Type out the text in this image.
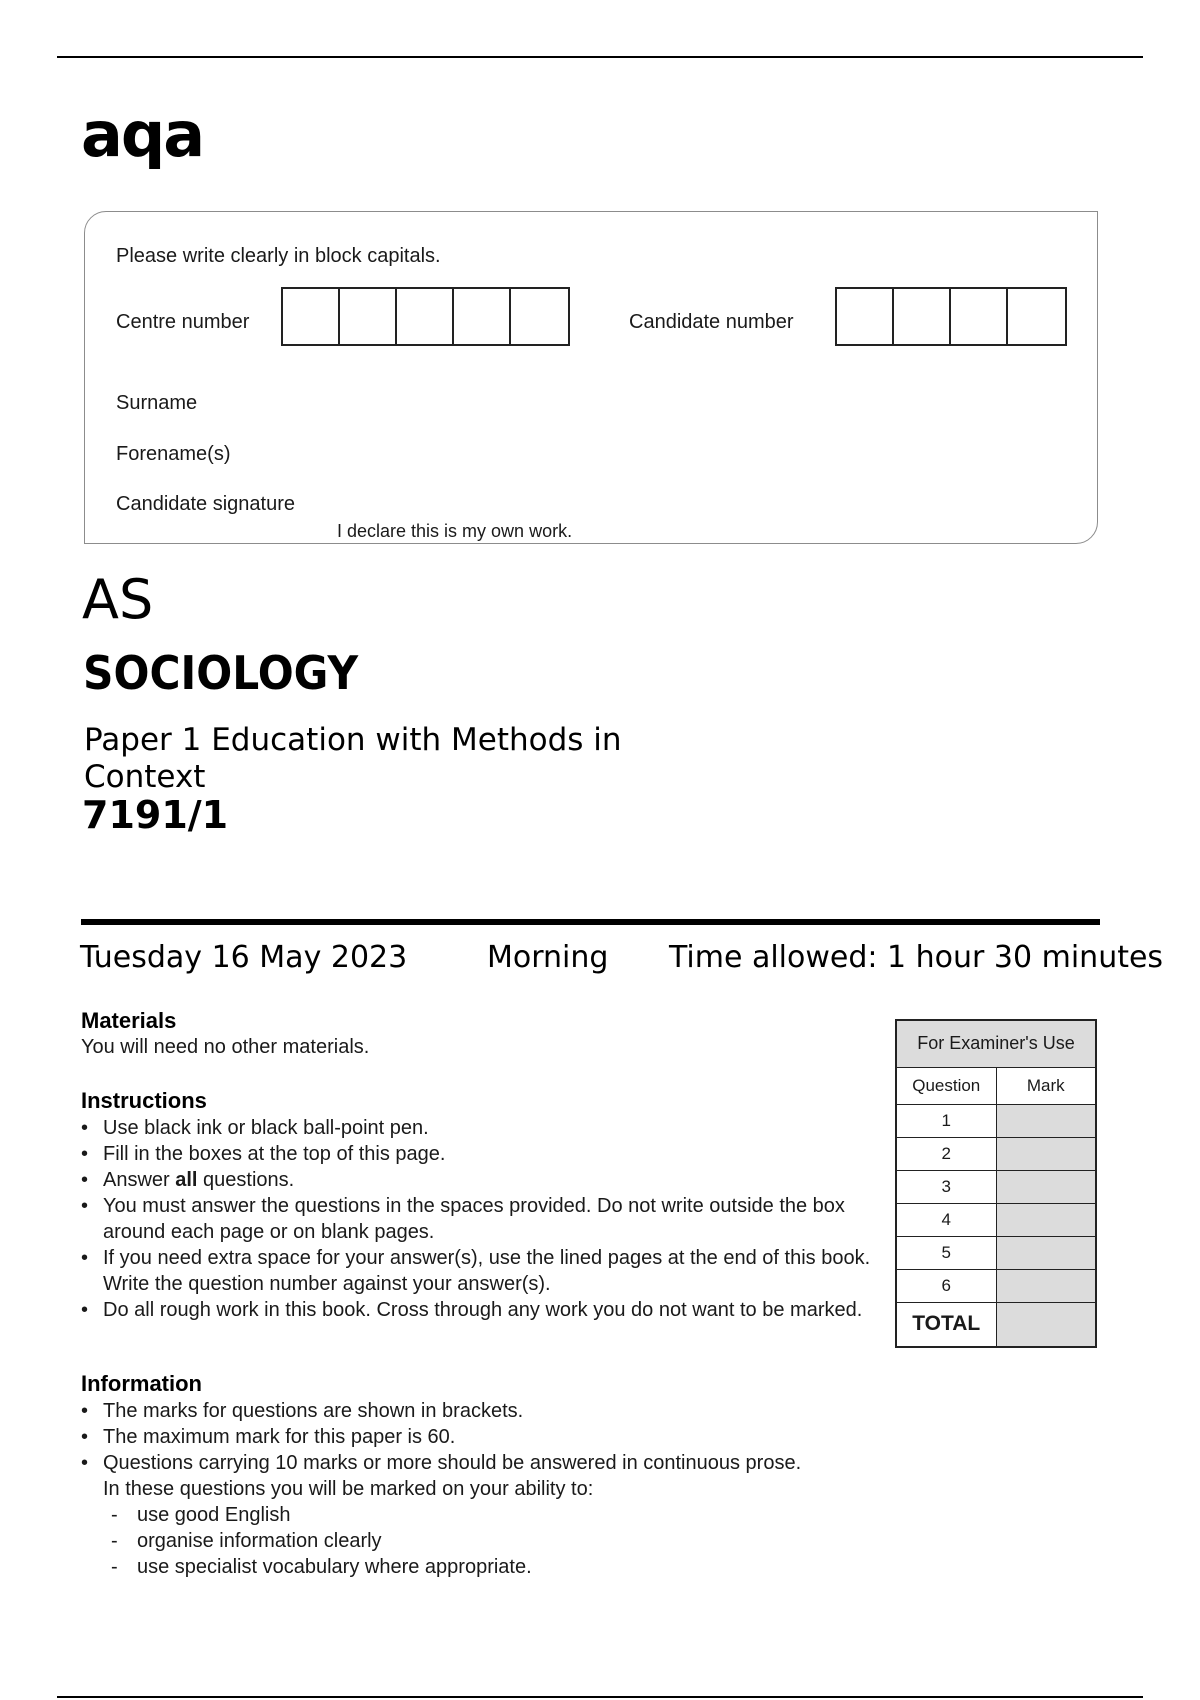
aqa
Please write clearly in block capitals.
Centre number	Candidate number
Surname
Forename(s)
Candidate signature
I declare this is my own work.
AS
SOCIOLOGY
Paper 1 Education with Methods in Context
7191/1
Tuesday 16 May 2023	Morning Time allowed: 1 hour 30 minutes
Materials
You will need no other materials.
Instructions
• Use black ink or black ball-point pen.
• Fill in the boxes at the top of this page.
• Answer all questions.
• You must answer the questions in the spaces provided. Do not write outside the box around each page or on blank pages.
• If you need extra space for your answer(s), use the lined pages at the end of this book. Write the question number against your answer(s).
• Do all rough work in this book. Cross through any work you do not want to be marked.
Information
• The marks for questions are shown in brackets.
• The maximum mark for this paper is 60.
• Questions carrying 10 marks or more should be answered in continuous prose.
In these questions you will be marked on your ability to:
- use good English
- organise information clearly
- use specialist vocabulary where appropriate.
For Examiner's Use	
Question	Mark
1	
2	
3	
4	
5	
6	
TOTAL	
